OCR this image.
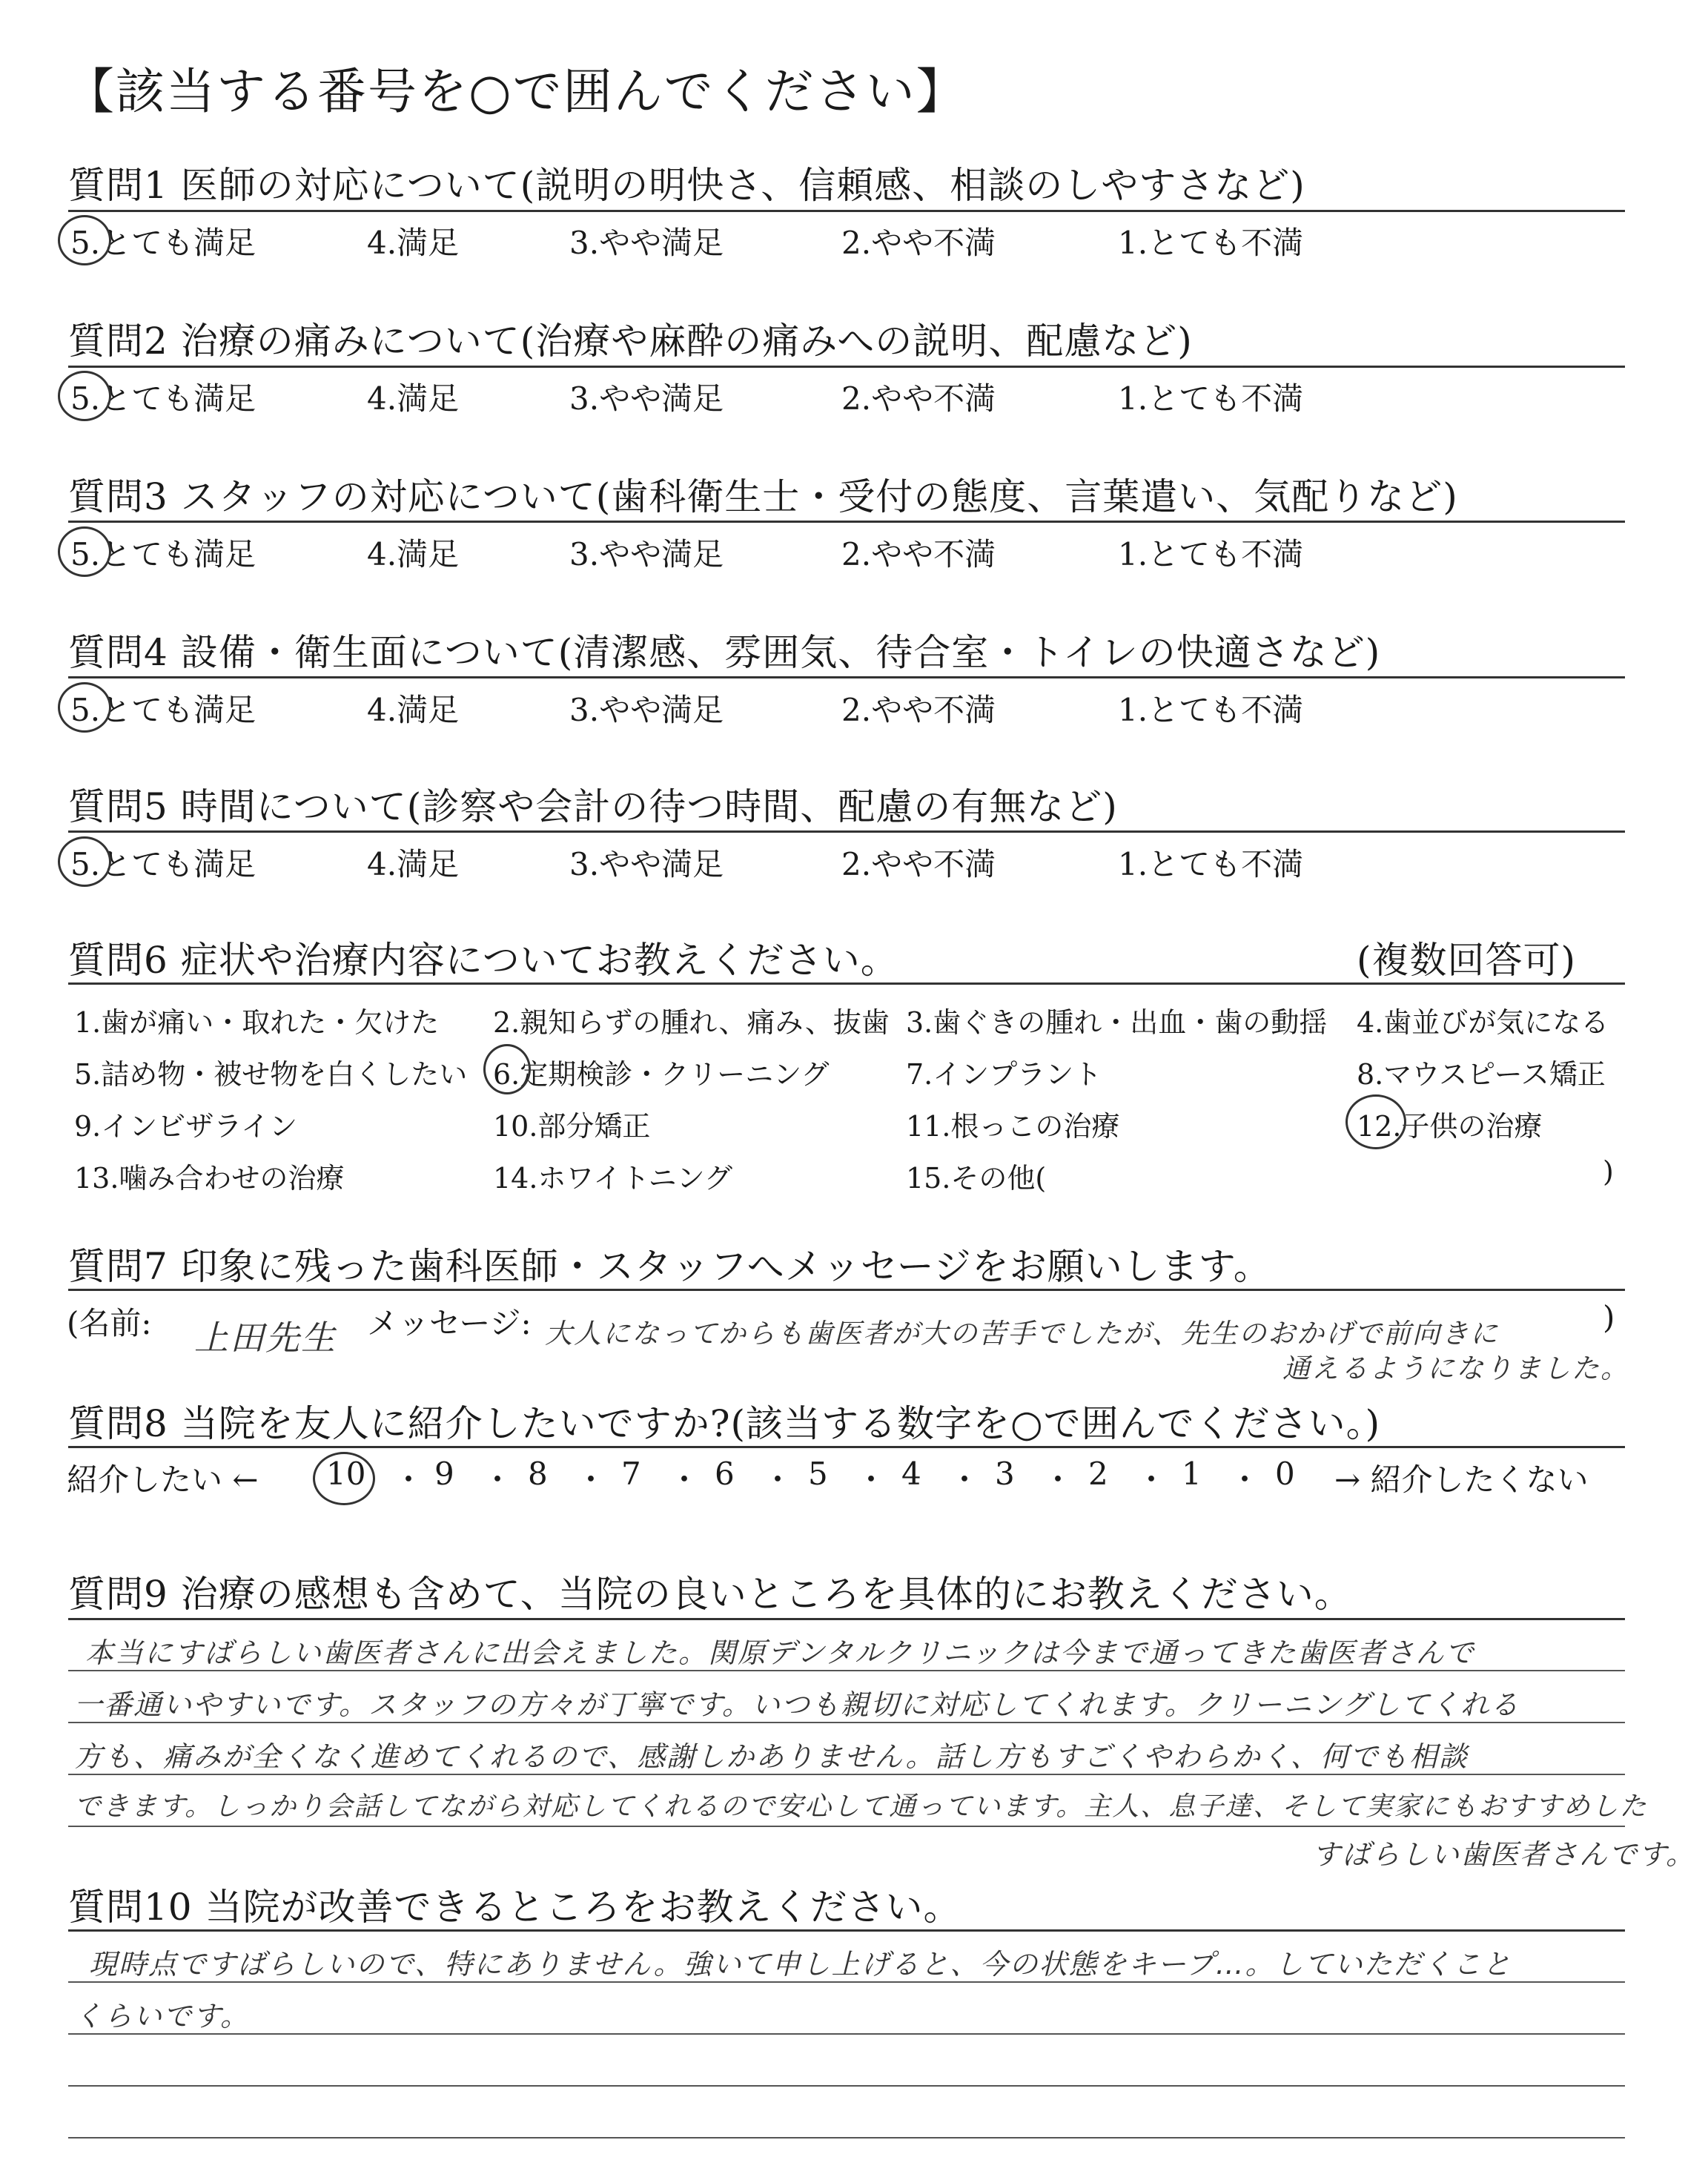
【該当する番号を○で囲んでください】
質問1 医師の対応について(説明の明快さ、信頼感、相談のしやすさなど)
5.とても満足	4.満足	3.やや満足	2.やや不満	1.とても不満
質問2 治療の痛みについて(治療や麻酔の痛みへの説明、配慮など)
5.とても満足	4.満足	3.やや満足	2.やや不満	1.とても不満
質問3 スタッフの対応について(歯科衛生士・受付の態度、言葉遣い、気配りなど)
5.とても満足	4.満足	3.やや満足	2.やや不満	1.とても不満
質問4 設備・衛生面について(清潔感、雰囲気、待合室・トイレの快適さなど)
5.とても満足	4.満足	3.やや満足	2.やや不満	1.とても不満
質問5 時間について(診察や会計の待つ時間、配慮の有無など)
5.とても満足	4.満足	3.やや満足	2.やや不満	1.とても不満
質問6 症状や治療内容についてお教えください。	(複数回答可)
1.歯が痛い・取れた・欠けた 2.親知らずの腫れ、痛み、抜歯 3.歯ぐきの腫れ・出血・歯の動揺 4.歯並びが気になる
5.詰め物・被せ物を白くしたい 6.定期検診・クリーニング	7.インプラント	8.マウスピース矯正
9.インビザライン	10.部分矯正	11.根っこの治療	12.子供の治療
13.噛み合わせの治療	14.ホワイトニング	15.その他(	)
質問7 印象に残った歯科医師・スタッフへメッセージをお願いします。
(名前: 上田先生 メッセージ: 大人になってからも歯医者が大の苦手でしたが、先生のおかげで前向きに
通えるようになりました。
)
質問8 当院を友人に紹介したいですか?(該当する数字を○で囲んでください。)
紹介したい ← 10 ・ 9 ・ 8 ・ 7 ・ 6 ・ 5 ・ 4 ・ 3 ・ 2 ・ 1 ・ 0 → 紹介したくない
質問9 治療の感想も含めて、当院の良いところを具体的にお教えください。
本当にすばらしい歯医者さんに出会えました。関原デンタルクリニックは今まで通ってきた歯医者さんで
一番通いやすいです。スタッフの方々が丁寧です。いつも親切に対応してくれます。クリーニングしてくれる
方も、痛みが全くなく進めてくれるので、感謝しかありません。話し方もすごくやわらかく、何でも相談
できます。しっかり会話してながら対応してくれるので安心して通っています。主人、息子達、そして実家にもおすすめした
すばらしい歯医者さんです。
質問10 当院が改善できるところをお教えください。
現時点ですばらしいので、特にありません。強いて申し上げると、今の状態をキープ…。していただくこと
くらいです。
